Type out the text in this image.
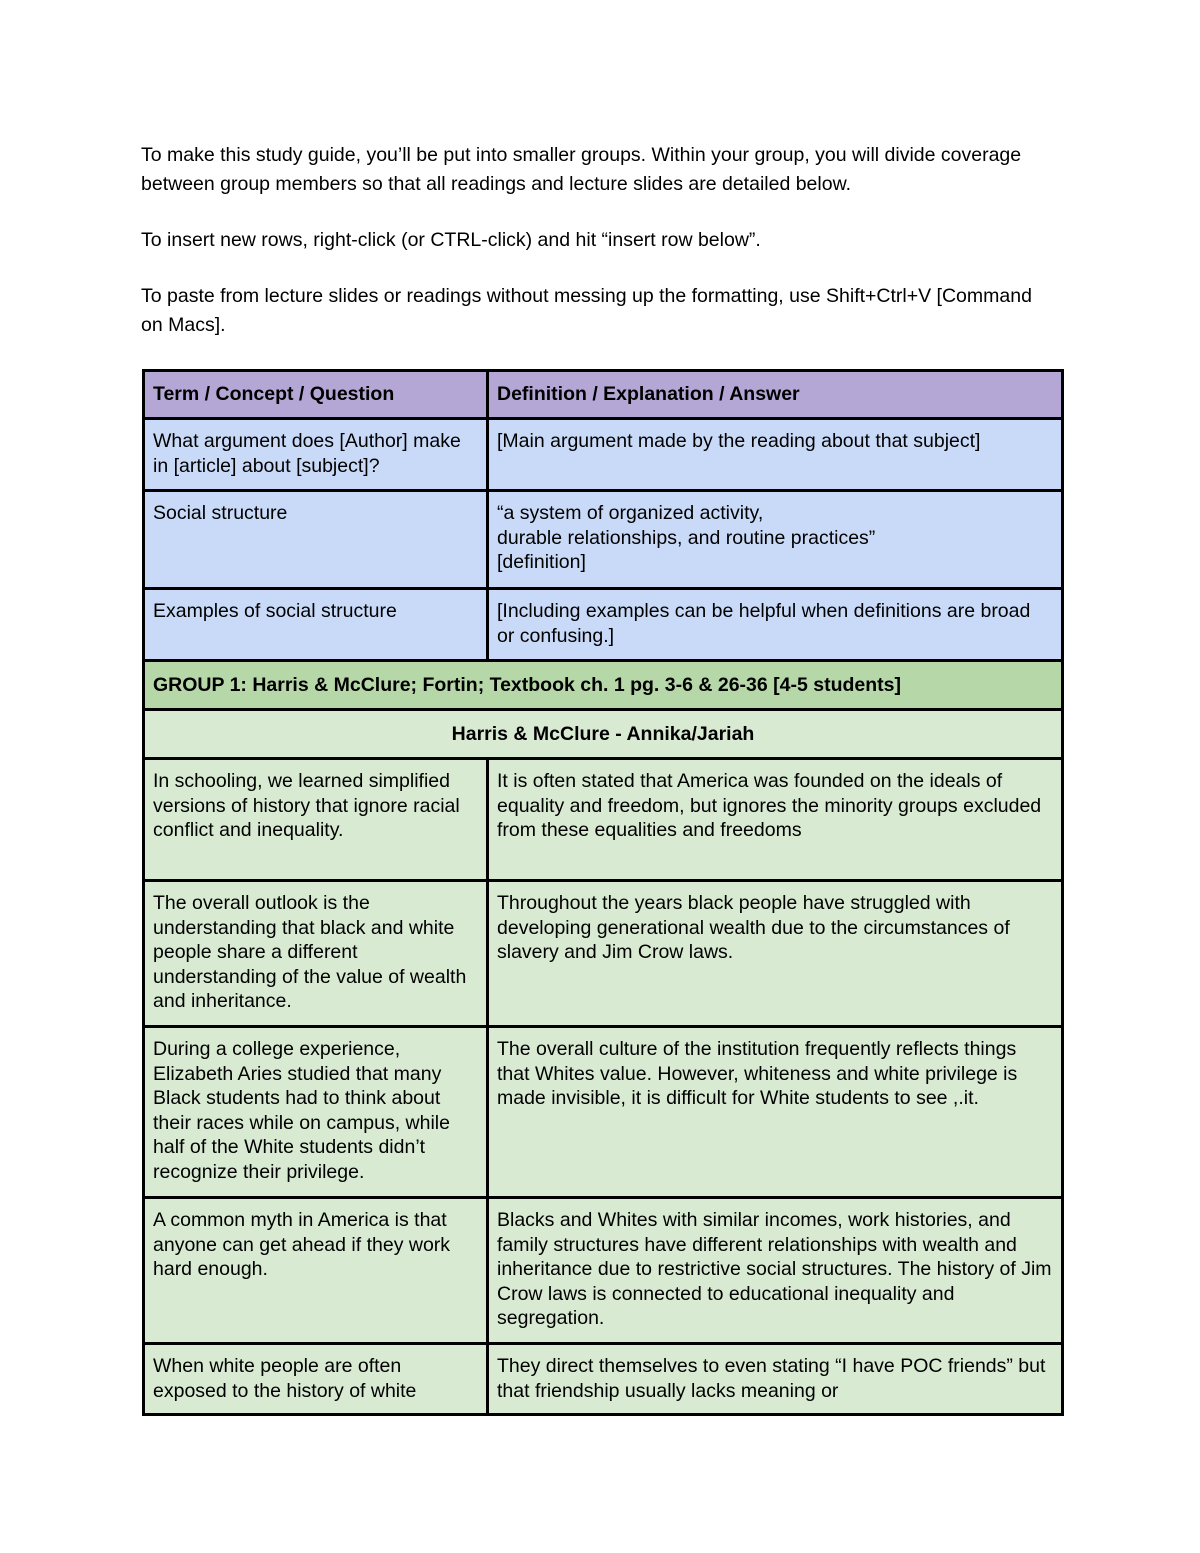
To make this study guide, you’ll be put into smaller groups. Within your group, you will divide coverage between group members so that all readings and lecture slides are detailed below.

To insert new rows, right-click (or CTRL-click) and hit “insert row below”.

To paste from lecture slides or readings without messing up the formatting, use Shift+Ctrl+V [Command on Macs].

Term / Concept / Question	Definition / Explanation / Answer
What argument does [Author] make in [article] about [subject]?	[Main argument made by the reading about that subject]
Social structure	“a system of organized activity,
durable relationships, and routine practices”
[definition]
Examples of social structure	[Including examples can be helpful when definitions are broad or confusing.]
GROUP 1: Harris & McClure; Fortin; Textbook ch. 1 pg. 3-6 & 26-36 [4-5 students]	
Harris & McClure - Annika/Jariah	
In schooling, we learned simplified versions of history that ignore racial conflict and inequality.	It is often stated that America was founded on the ideals of equality and freedom, but ignores the minority groups excluded from these equalities and freedoms
The overall outlook is the understanding that black and white people share a different understanding of the value of wealth and inheritance.	Throughout the years black people have struggled with developing generational wealth due to the circumstances of slavery and Jim Crow laws.
During a college experience, Elizabeth Aries studied that many Black students had to think about their races while on campus, while half of the White students didn’t recognize their privilege.	The overall culture of the institution frequently reflects things that Whites value. However, whiteness and white privilege is made invisible, it is difficult for White students to see ,.it.
A common myth in America is that anyone can get ahead if they work hard enough.	Blacks and Whites with similar incomes, work histories, and family structures have different relationships with wealth and inheritance due to restrictive social structures. The history of Jim Crow laws is connected to educational inequality and segregation.
When white people are often exposed to the history of white	They direct themselves to even stating “I have POC friends” but that friendship usually lacks meaning or
